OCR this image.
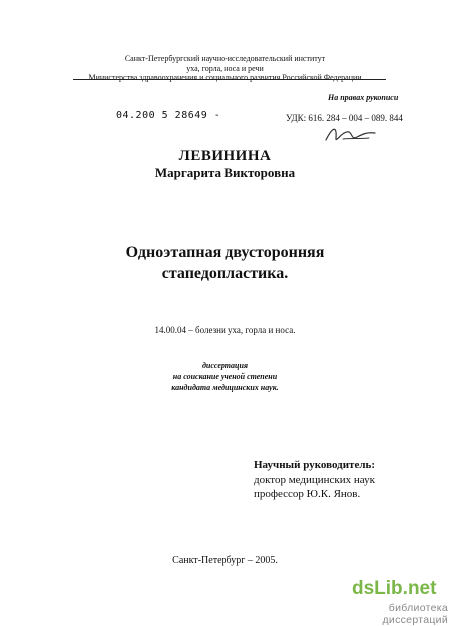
Санкт-Петербургский научно-исследовательский институт
уха, горла, носа и речи
Министерства здравоохранения и социального развития Российской Федерации
На правах рукописи
04.200 5 28649 -	УДК: 616. 284 – 004 – 089. 844
ЛЕВИНИНА
Маргарита Викторовна
Одноэтапная двусторонняя
стапедопластика.
14.00.04 – болезни уха, горла и носа.
диссертация
на соискание ученой степени
кандидата медицинских наук.
Научный руководитель:
доктор медицинских наук
профессор Ю.К. Янов.
Санкт-Петербург – 2005.
dsLib.net
библиотека диссертаций
